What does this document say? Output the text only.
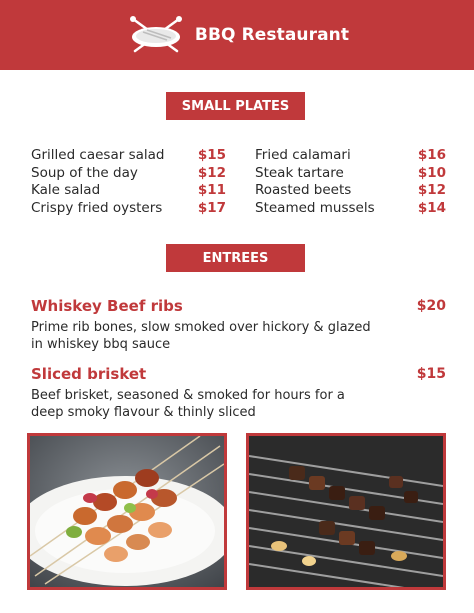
BBQ Restaurant
SMALL PLATES
Grilled caesar salad $15
Soup of the day	$12
Kale salad	$11
Crispy fried oysters	$17
Fried calamari	$16
Steak tartare	$10
Roasted beets	$12
Steamed mussels	$14
ENTREES
Whiskey Beef ribs	$20
Prime rib bones, slow smoked over hickory & glazed in whiskey bbq sauce
Sliced brisket	$15
Beef brisket, seasoned & smoked for hours for a deep smoky flavour & thinly sliced
